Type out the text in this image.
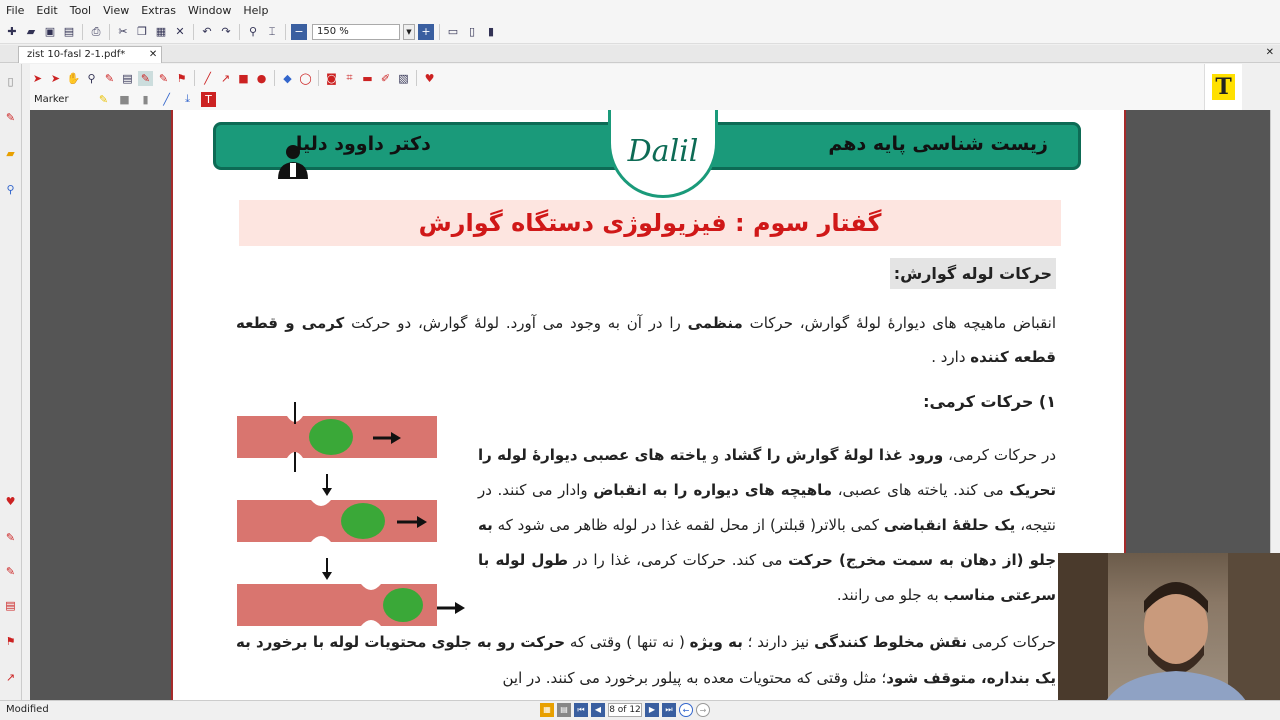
File	Edit	Tool	View	Extras	Window	Help
✚ ▰ ▣ ▤	⎙	✂ ❐ ▦ ✕	↶ ↷	⚲	⌶	−	150 %	▼ +	▭ ▯	▮
zist 10-fasl 2-1.pdf* ✕	✕
➤ ➤ ✋ ⚲ ✎ ▤ ✎ ✎ ⚑	╱ ↗ ■ ● ◆ ◯ ◙ ⌗ ▬ ✐ ▧ ♥
Marker	✎ ■	▮	╱	⤓	T	T
▯
✎
▰
⚲
♥
✎
✎
▤
⚑
↗
دکتر داوود دلیل	زیست شناسی پایه دهم
Dalil
گفتار سوم : فیزیولوژی دستگاه گوارش
حرکات لوله گوارش:
انقباض ماهیچه های دیوارۀ لولۀ گوارش، حرکات منظمی را در آن به وجود می آورد. لولۀ گوارش، دو حرکت کرمی و قطعه قطعه کننده دارد .
۱) حرکات کرمی:
در حرکات کرمی، ورود غذا لولۀ گوارش را گشاد و یاخته های عصبی دیوارۀ لوله را تحریک می کند. یاخته های عصبی، ماهیچه های دیواره را به انقباض وادار می کنند. در نتیجه، یک حلقۀ انقباضی کمی بالاتر( قبلتر) از محل لقمه غذا در لوله ظاهر می شود که به جلو (از دهان به سمت مخرج) حرکت می کند. حرکات کرمی، غذا را در طول لوله با سرعتی مناسب به جلو می رانند.
حرکات کرمی نقش مخلوط کنندگی نیز دارند ؛ به ویژه ( نه تنها ) وقتی که حرکت رو به جلوی محتویات لوله با برخورد به یک بنداره، متوقف شود؛ مثل وقتی که محتویات معده به پیلور برخورد می کنند. در این
Modified	▦	▤	⏮	◀ 8 of 12	▶	⏭	←	→
